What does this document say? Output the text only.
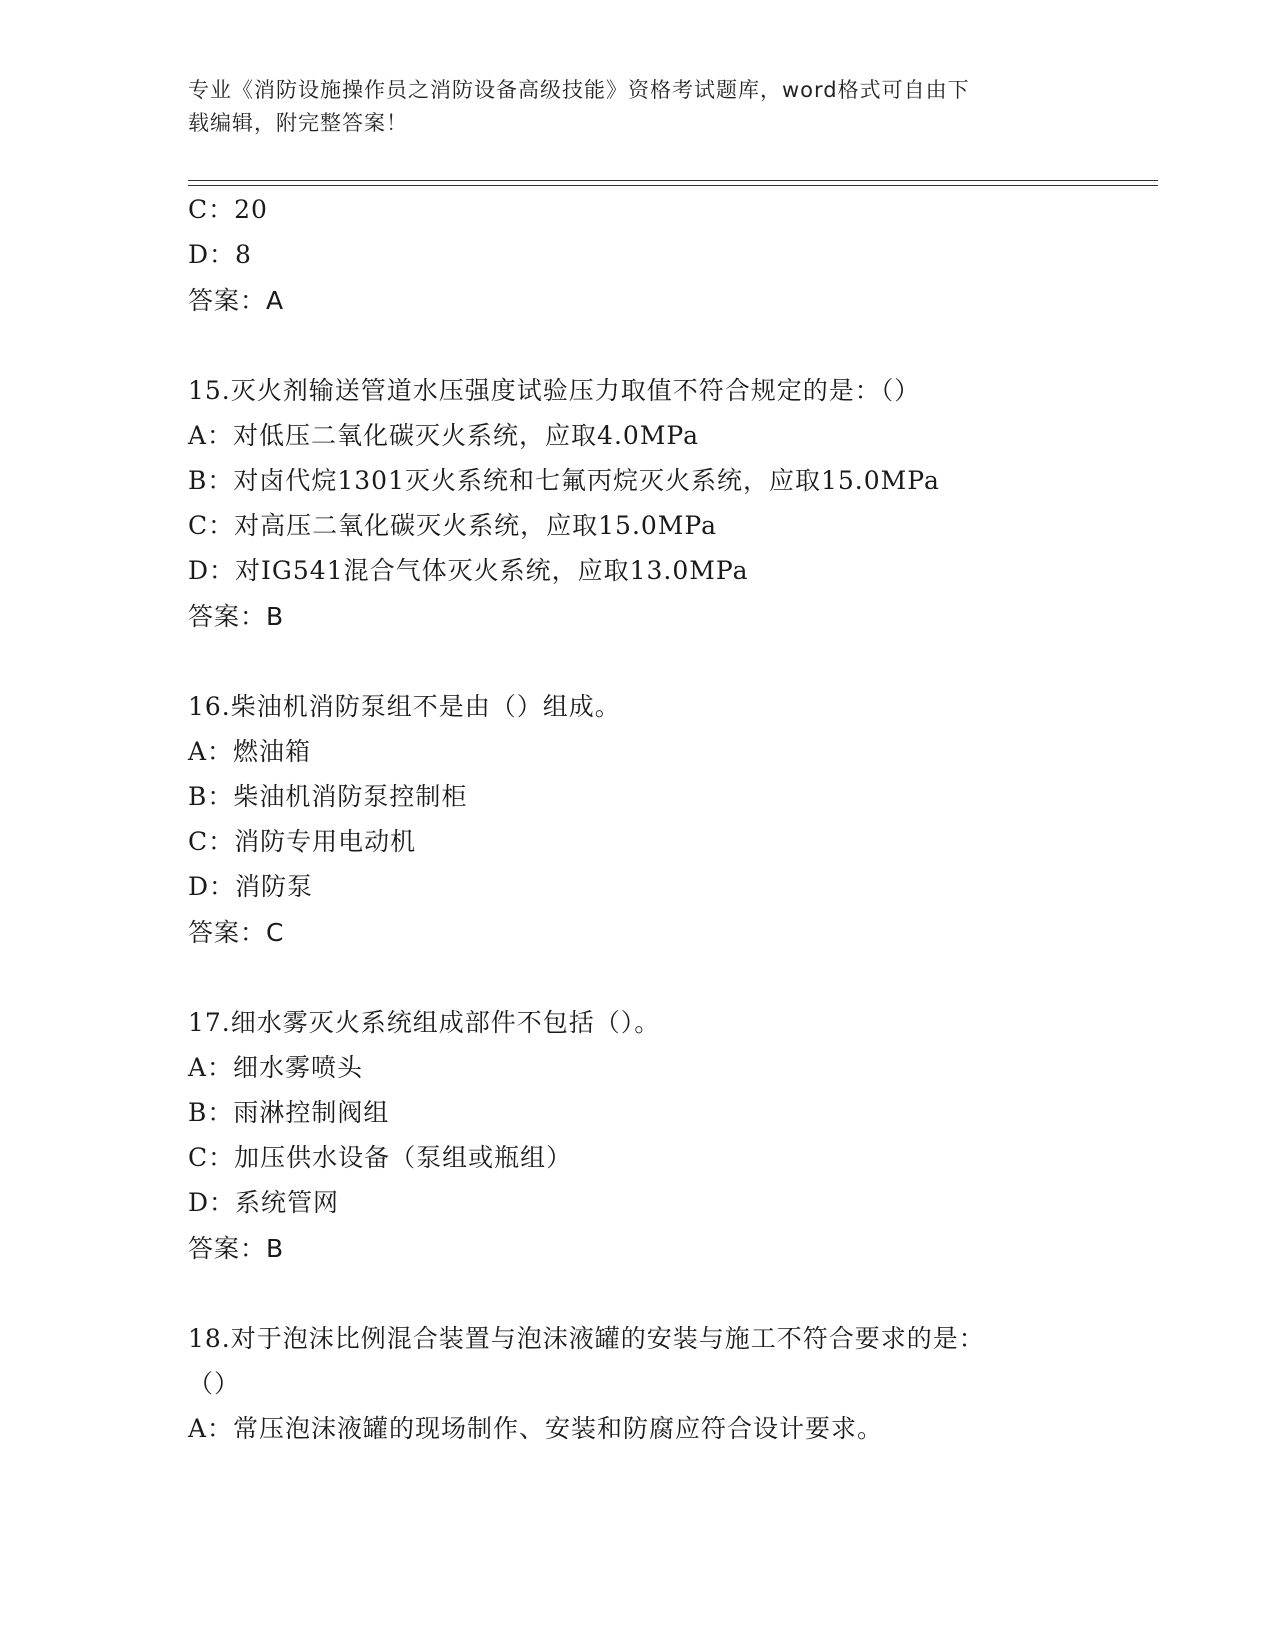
专业《消防设施操作员之消防设备高级技能》资格考试题库，word格式可自由下
载编辑，附完整答案！
C：20
D：8
答案：A
15.灭火剂输送管道水压强度试验压力取值不符合规定的是：（）
A：对低压二氧化碳灭火系统，应取4.0MPa
B：对卤代烷1301灭火系统和七氟丙烷灭火系统，应取15.0MPa
C：对高压二氧化碳灭火系统，应取15.0MPa
D：对IG541混合气体灭火系统，应取13.0MPa
答案：B
16.柴油机消防泵组不是由（）组成。
A：燃油箱
B：柴油机消防泵控制柜
C：消防专用电动机
D：消防泵
答案：C
17.细水雾灭火系统组成部件不包括（）。
A：细水雾喷头
B：雨淋控制阀组
C：加压供水设备（泵组或瓶组）
D：系统管网
答案：B
18.对于泡沫比例混合装置与泡沫液罐的安装与施工不符合要求的是：
（）
A：常压泡沫液罐的现场制作、安装和防腐应符合设计要求。
